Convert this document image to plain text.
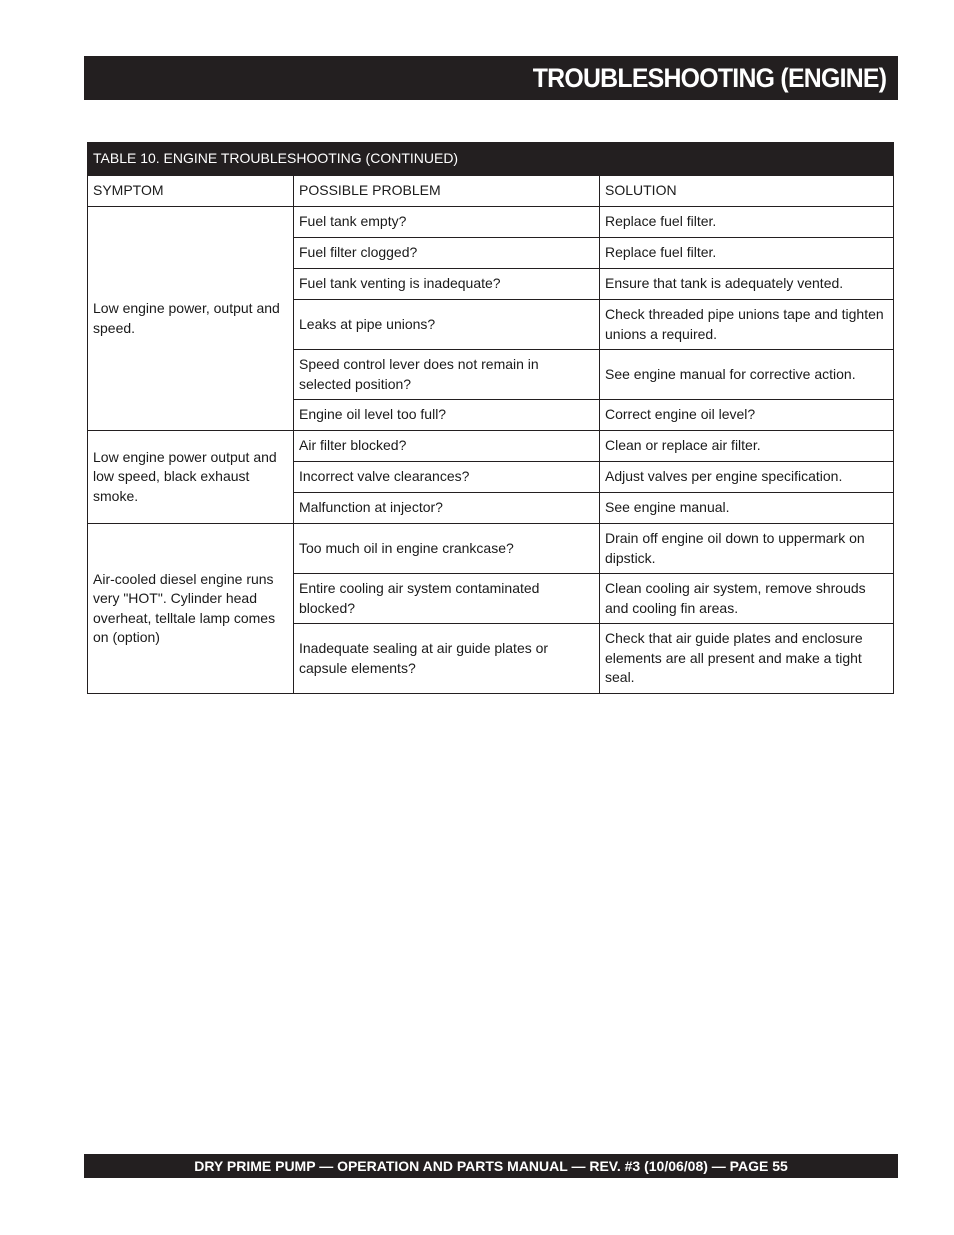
TROUBLESHOOTING (ENGINE)
TABLE 10. ENGINE TROUBLESHOOTING (CONTINUED)		
SYMPTOM	POSSIBLE PROBLEM	SOLUTION
Low engine power, output and speed.	Fuel tank empty?	Replace fuel filter.
	Fuel filter clogged?	Replace fuel filter.
	Fuel tank venting is inadequate?	Ensure that tank is adequately vented.
	Leaks at pipe unions?	Check threaded pipe unions tape and tighten unions a required.
	Speed control lever does not remain in selected position?	See engine manual for corrective action.
	Engine oil level too full?	Correct engine oil level?
Low engine power output and low speed, black exhaust smoke.	Air filter blocked?	Clean or replace air filter.
	Incorrect valve clearances?	Adjust valves per engine specification.
	Malfunction at injector?	See engine manual.
Air-cooled diesel engine runs very "HOT". Cylinder head overheat, telltale lamp comes on (option)	Too much oil in engine crankcase?	Drain off engine oil down to uppermark on dipstick.
	Entire cooling air system contaminated blocked?	Clean cooling air system, remove shrouds and cooling fin areas.
	Inadequate sealing at air guide plates or capsule elements?	Check that air guide plates and enclosure elements are all present and make a tight seal.
DRY PRIME PUMP — OPERATION AND PARTS MANUAL — REV. #3 (10/06/08) — PAGE 55
